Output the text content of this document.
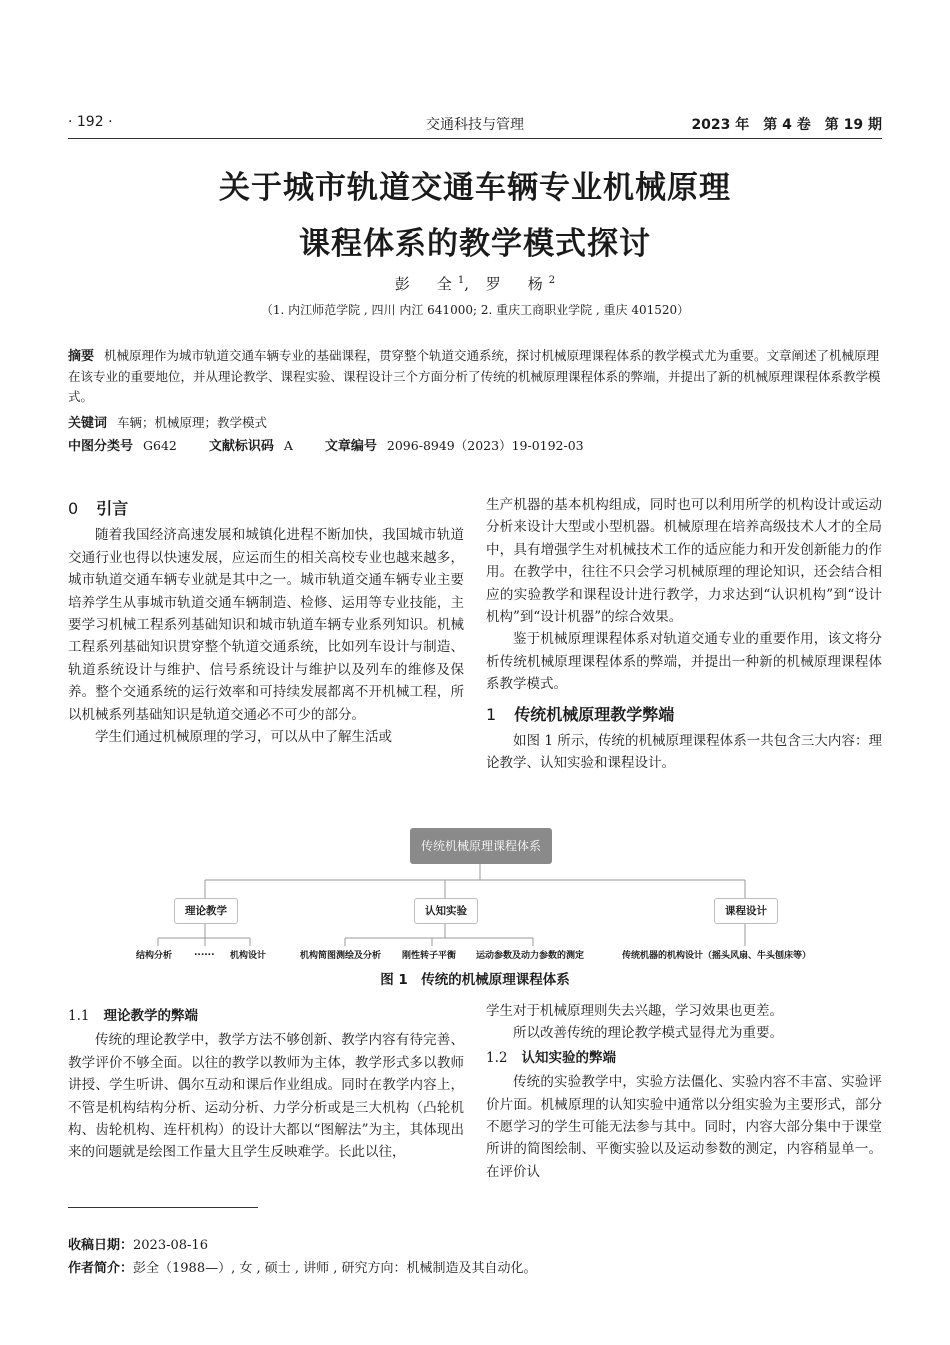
· 192 ·	交通科技与管理	2023 年　第 4 卷　第 19 期
关于城市轨道交通车辆专业机械原理
课程体系的教学模式探讨
彭　全$^1$, 罗　杨$^2$
（1. 内江师范学院 , 四川 内江 641000; 2. 重庆工商职业学院 , 重庆 401520）
摘要 机械原理作为城市轨道交通车辆专业的基础课程，贯穿整个轨道交通系统，探讨机械原理课程体系的教学模式尤为重要。文章阐述了机械原理在该专业的重要地位，并从理论教学、课程实验、课程设计三个方面分析了传统的机械原理课程体系的弊端，并提出了新的机械原理课程体系教学模式。
关键词 车辆；机械原理；教学模式
中图分类号 G642 文献标识码 A 文章编号 2096-8949（2023）19-0192-03
0 引言

随着我国经济高速发展和城镇化进程不断加快，我国城市轨道交通行业也得以快速发展，应运而生的相关高校专业也越来越多，城市轨道交通车辆专业就是其中之一。城市轨道交通车辆专业主要培养学生从事城市轨道交通车辆制造、检修、运用等专业技能，主要学习机械工程系列基础知识和城市轨道车辆专业系列知识。机械工程系列基础知识贯穿整个轨道交通系统，比如列车设计与制造、轨道系统设计与维护、信号系统设计与维护以及列车的维修及保养。整个交通系统的运行效率和可持续发展都离不开机械工程，所以机械系列基础知识是轨道交通必不可少的部分。

学生们通过机械原理的学习，可以从中了解生活或

生产机器的基本机构组成，同时也可以利用所学的机构设计或运动分析来设计大型或小型机器。机械原理在培养高级技术人才的全局中，具有增强学生对机械技术工作的适应能力和开发创新能力的作用。在教学中，往往不只会学习机械原理的理论知识，还会结合相应的实验教学和课程设计进行教学，力求达到“认识机构”到“设计机构”到“设计机器”的综合效果。

鉴于机械原理课程体系对轨道交通专业的重要作用，该文将分析传统机械原理课程体系的弊端，并提出一种新的机械原理课程体系教学模式。

1 传统机械原理教学弊端

如图 1 所示，传统的机械原理课程体系一共包含三大内容：理论教学、认知实验和课程设计。

传统机械原理课程体系
理论教学	认知实验	课程设计
结构分析 ...... 机构设计	机构简图测绘及分析 刚性转子平衡 运动参数及动力参数的测定	传统机器的机构设计（摇头风扇、牛头刨床等）
图 1　传统的机械原理课程体系
1.1 理论教学的弊端

传统的理论教学中，教学方法不够创新、教学内容有待完善、教学评价不够全面。以往的教学以教师为主体，教学形式多以教师讲授、学生听讲、偶尔互动和课后作业组成。同时在教学内容上，不管是机构结构分析、运动分析、力学分析或是三大机构（凸轮机构、齿轮机构、连杆机构）的设计大都以“图解法”为主，其体现出来的问题就是绘图工作量大且学生反映难学。长此以往，

学生对于机械原理则失去兴趣，学习效果也更差。

所以改善传统的理论教学模式显得尤为重要。

1.2 认知实验的弊端

传统的实验教学中，实验方法僵化、实验内容不丰富、实验评价片面。机械原理的认知实验中通常以分组实验为主要形式，部分不愿学习的学生可能无法参与其中。同时，内容大部分集中于课堂所讲的简图绘制、平衡实验以及运动参数的测定，内容稍显单一。在评价认

收稿日期：2023-08-16
作者简介：彭全（1988—）, 女 , 硕士 , 讲师 , 研究方向：机械制造及其自动化。
